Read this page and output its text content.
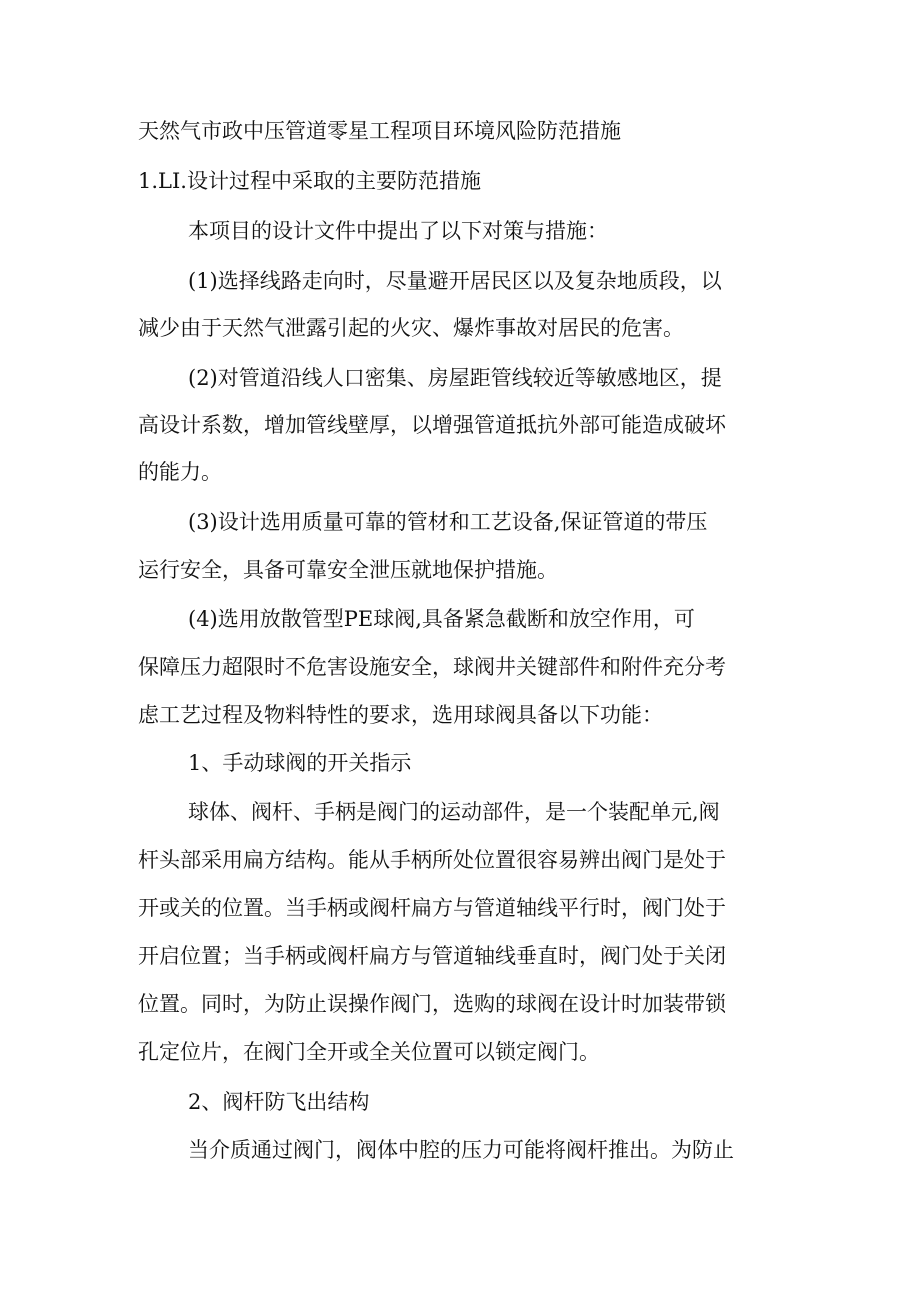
天然气市政中压管道零星工程项目环境风险防范措施
1.LI.设计过程中采取的主要防范措施
本项目的设计文件中提出了以下对策与措施：
(1)选择线路走向时，尽量避开居民区以及复杂地质段，以
减少由于天然气泄露引起的火灾、爆炸事故对居民的危害。
(2)对管道沿线人口密集、房屋距管线较近等敏感地区，提
高设计系数，增加管线壁厚，以增强管道抵抗外部可能造成破坏
的能力。
(3)设计选用质量可靠的管材和工艺设备,保证管道的带压
运行安全，具备可靠安全泄压就地保护措施。
(4)选用放散管型PE球阀,具备紧急截断和放空作用，可
保障压力超限时不危害设施安全，球阀井关键部件和附件充分考
虑工艺过程及物料特性的要求，选用球阀具备以下功能：
1、手动球阀的开关指示
球体、阀杆、手柄是阀门的运动部件，是一个装配单元,阀
杆头部采用扁方结构。能从手柄所处位置很容易辨出阀门是处于
开或关的位置。当手柄或阀杆扁方与管道轴线平行时，阀门处于
开启位置；当手柄或阀杆扁方与管道轴线垂直时，阀门处于关闭
位置。同时，为防止误操作阀门，选购的球阀在设计时加装带锁
孔定位片，在阀门全开或全关位置可以锁定阀门。
2、阀杆防飞出结构
当介质通过阀门，阀体中腔的压力可能将阀杆推出。为防止
